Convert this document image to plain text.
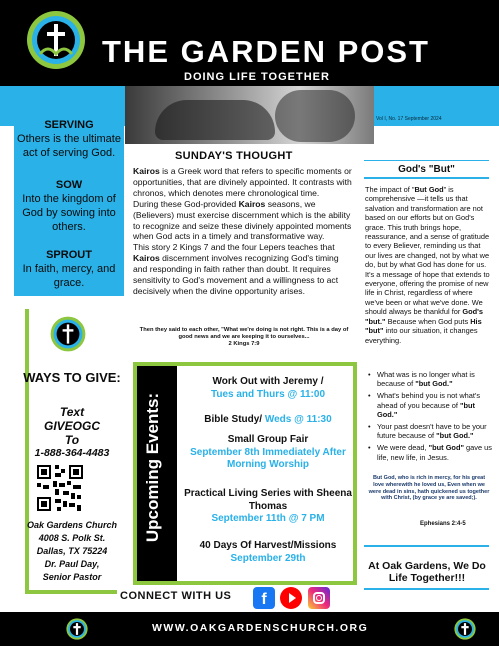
THE GARDEN POST
DOING LIFE TOGETHER
Vol I, No. 17 September 2024
SERVING
Others is the ultimate act of serving God.
SOW
Into the kingdom of God by sowing into others.
SPROUT
In faith, mercy, and grace.
WAYS TO GIVE:
Text
GIVEOGC
To
1-888-364-4483
Oak Gardens Church
4008 S. Polk St.
Dallas, TX 75224
Dr. Paul Day,
Senior Pastor
SUNDAY'S THOUGHT

Kairos is a Greek word that refers to specific moments or opportunities, that are divinely appointed. It contrasts with chronos, which denotes mere chronological time.

During these God-provided Kairos seasons, we (Believers) must exercise discernment which is the ability to recognize and seize these divinely appointed moments when God acts in a timely and transformative way.

This story 2 Kings 7 and the four Lepers teaches that Kairos discernment involves recognizing God's timing and responding in faith rather than doubt. It requires sensitivity to God's movement and a willingness to act decisively when the divine opportunity arises.

Then they said to each other, "What we're doing is not right. This is a day of good news and we are keeping it to ourselves...
2 Kings 7:9
Upcoming Events:
Work Out with Jeremy /
Tues and Thurs @ 11:00
Bible Study/ Weds @ 11:30
Small Group Fair
September 8th Immediately After Morning Worship
Practical Living Series with Sheena Thomas
September 11th @ 7 PM
40 Days Of Harvest/Missions
September 29th
CONNECT WITH US	f
God's "But"
The impact of "But God" is comprehensive —it tells us that salvation and transformation are not based on our efforts but on God's grace. This truth brings hope, reassurance, and a sense of gratitude to every Believer, reminding us that our lives are changed, not by what we do, but by what God has done for us. It's a message of hope that extends to everyone, offering the promise of new life in Christ, regardless of where we've been or what we've done. We should always be thankful for God's "but." Because when God puts His "but" into our situation, it changes everything.
• What was is no longer what is because of "but God."
• What's behind you is not what's ahead of you because of "but God."
• Your past doesn't have to be your future because of "but God."
• We were dead, "but God" gave us life, new life, in Jesus.
But God, who is rich in mercy, for his great love wherewith he loved us, Even when we were dead in sins, hath quickened us together with Christ, (by grace ye are saved;).
Ephesians 2:4-5
At Oak Gardens, We Do Life Together!!!
WWW.OAKGARDENSCHURCH.ORG
